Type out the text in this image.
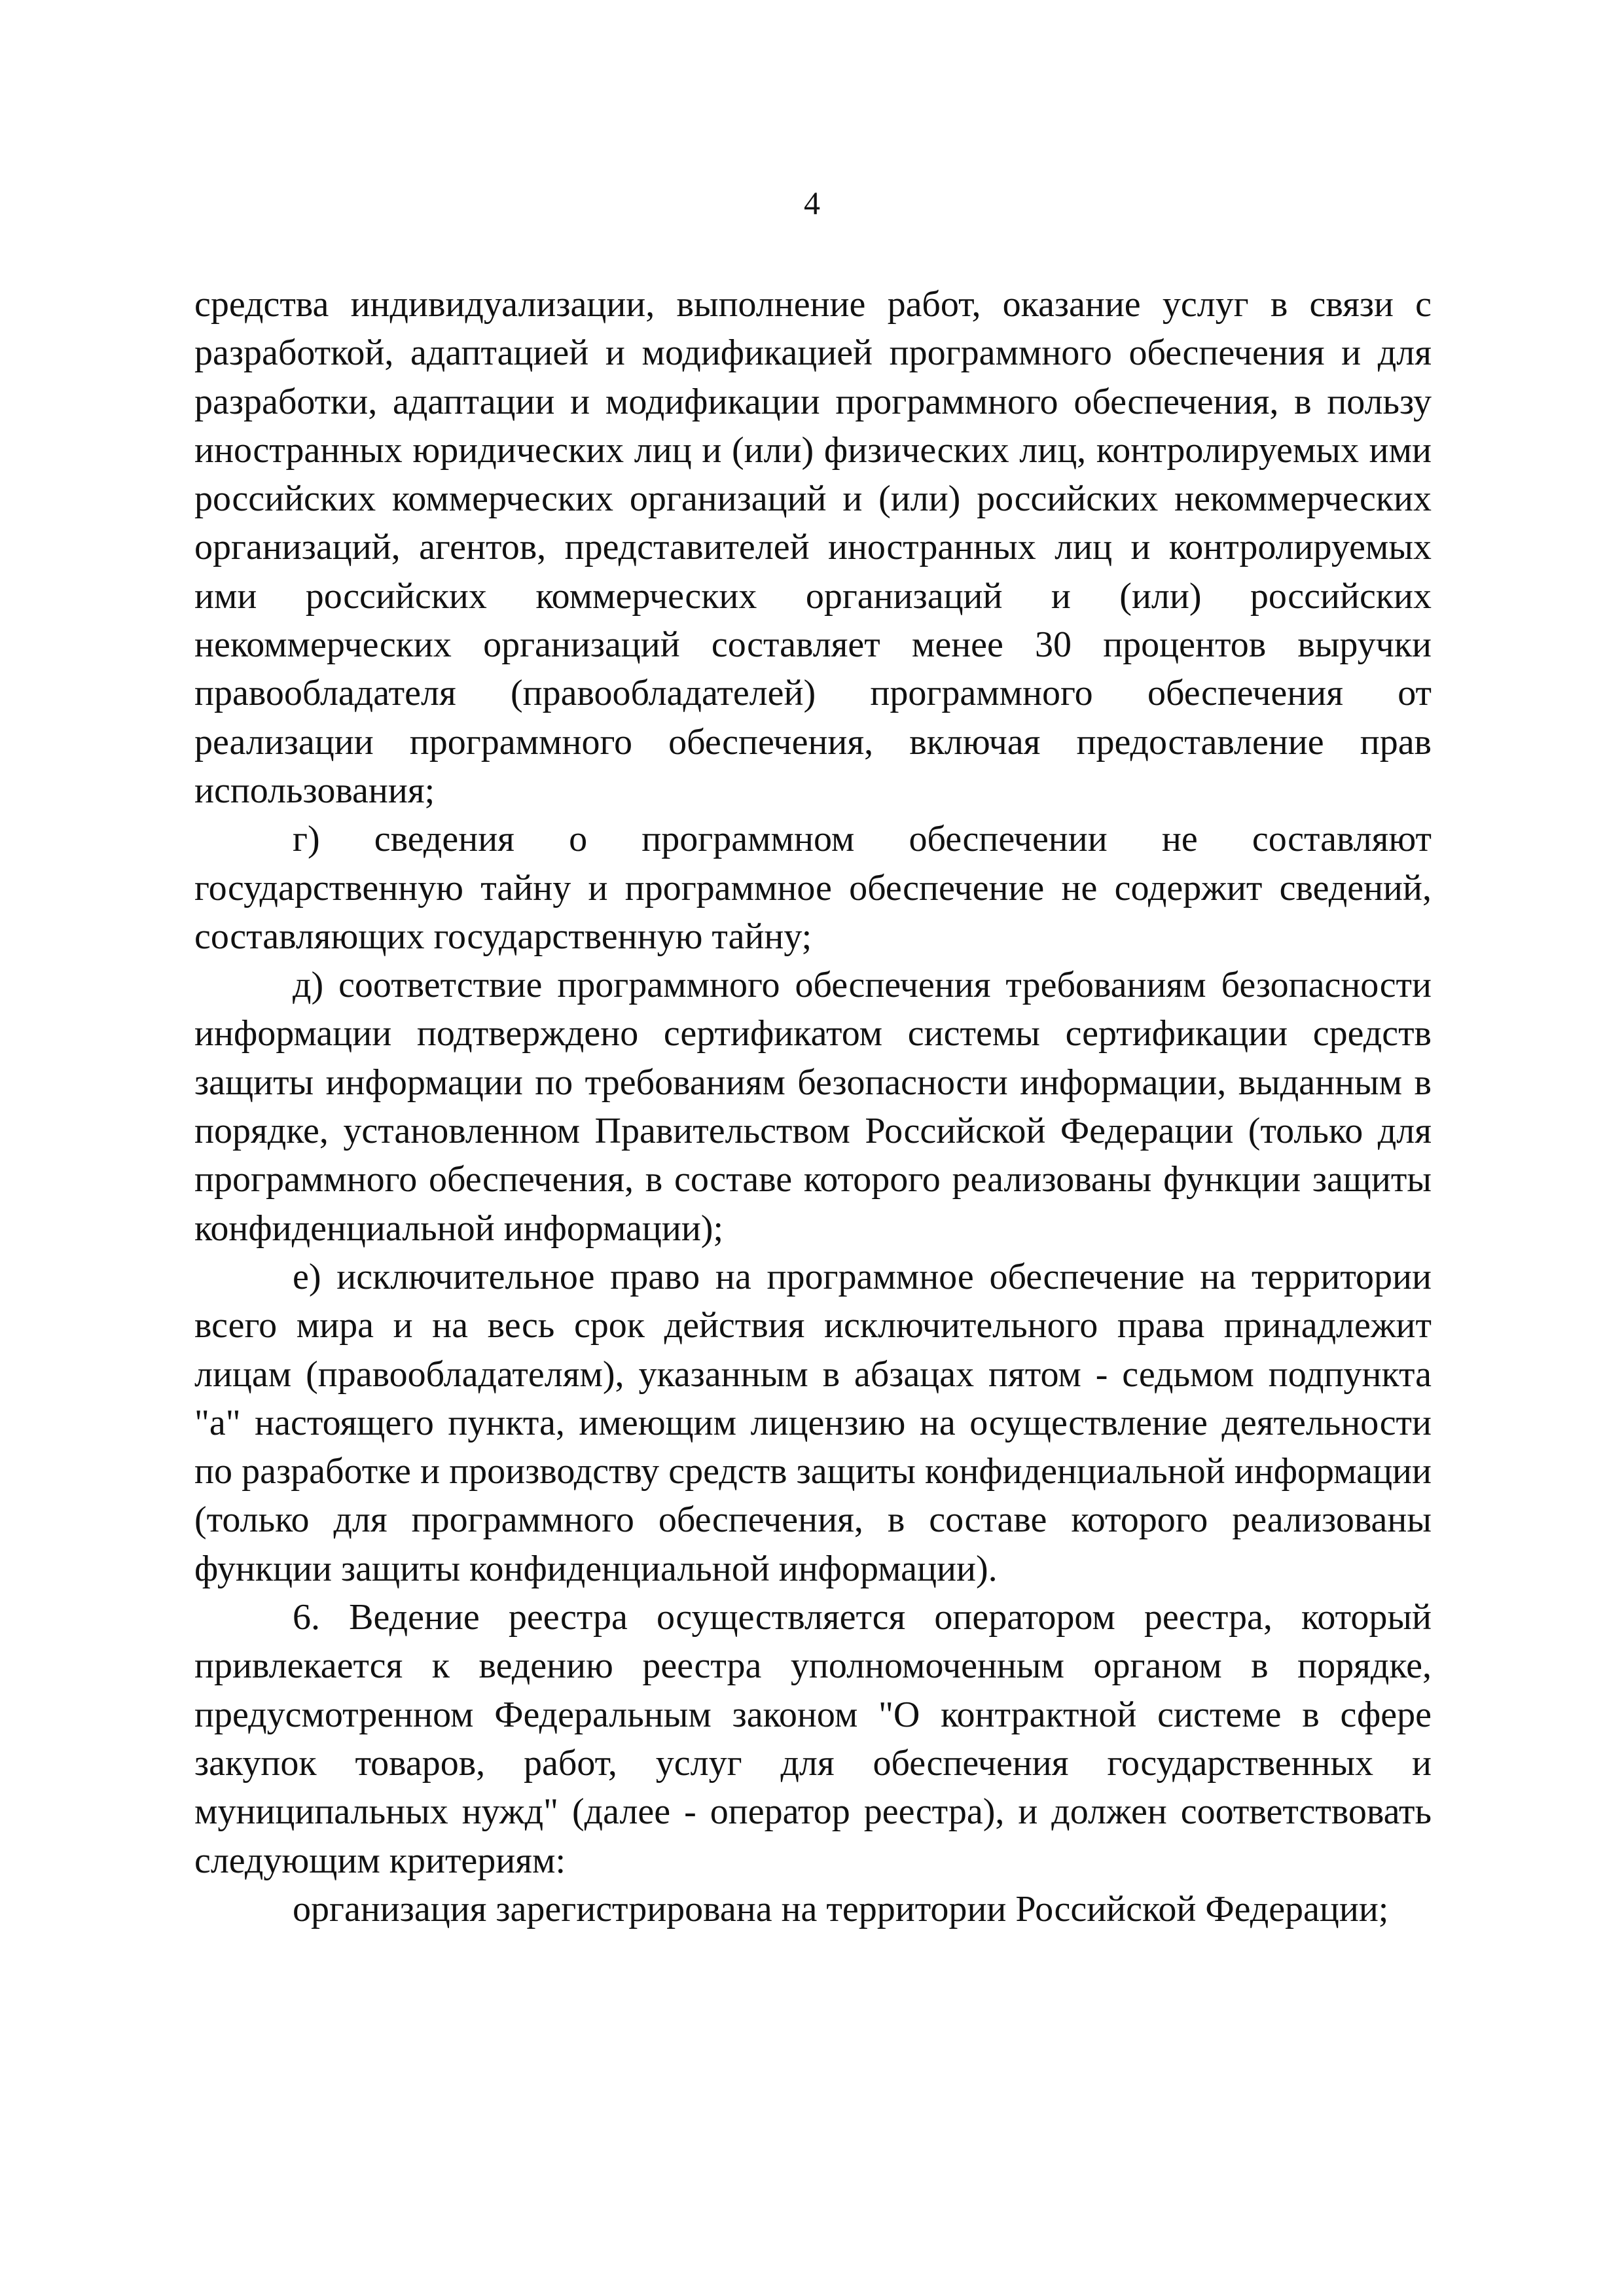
4

средства индивидуализации, выполнение работ, оказание услуг в связи с разработкой, адаптацией и модификацией программного обеспечения и для разработки, адаптации и модификации программного обеспечения, в пользу иностранных юридических лиц и (или) физических лиц, контролируемых ими российских коммерческих организаций и (или) российских некоммерческих организаций, агентов, представителей иностранных лиц и контролируемых ими российских коммерческих организаций и (или) российских некоммерческих организаций составляет менее 30 процентов выручки правообладателя (правообладателей) программного обеспечения от реализации программного обеспечения, включая предоставление прав использования;

г) сведения о программном обеспечении не составляют государственную тайну и программное обеспечение не содержит сведений, составляющих государственную тайну;

д) соответствие программного обеспечения требованиям безопасности информации подтверждено сертификатом системы сертификации средств защиты информации по требованиям безопасности информации, выданным в порядке, установленном Правительством Российской Федерации (только для программного обеспечения, в составе которого реализованы функции защиты конфиденциальной информации);

е) исключительное право на программное обеспечение на территории всего мира и на весь срок действия исключительного права принадлежит лицам (правообладателям), указанным в абзацах пятом - седьмом подпункта "а" настоящего пункта, имеющим лицензию на осуществление деятельности по разработке и производству средств защиты конфиденциальной информации (только для программного обеспечения, в составе которого реализованы функции защиты конфиденциальной информации).

6. Ведение реестра осуществляется оператором реестра, который привлекается к ведению реестра уполномоченным органом в порядке, предусмотренном Федеральным законом "О контрактной системе в сфере закупок товаров, работ, услуг для обеспечения государственных и муниципальных нужд" (далее - оператор реестра), и должен соответствовать следующим критериям:

организация зарегистрирована на территории Российской Федерации;
